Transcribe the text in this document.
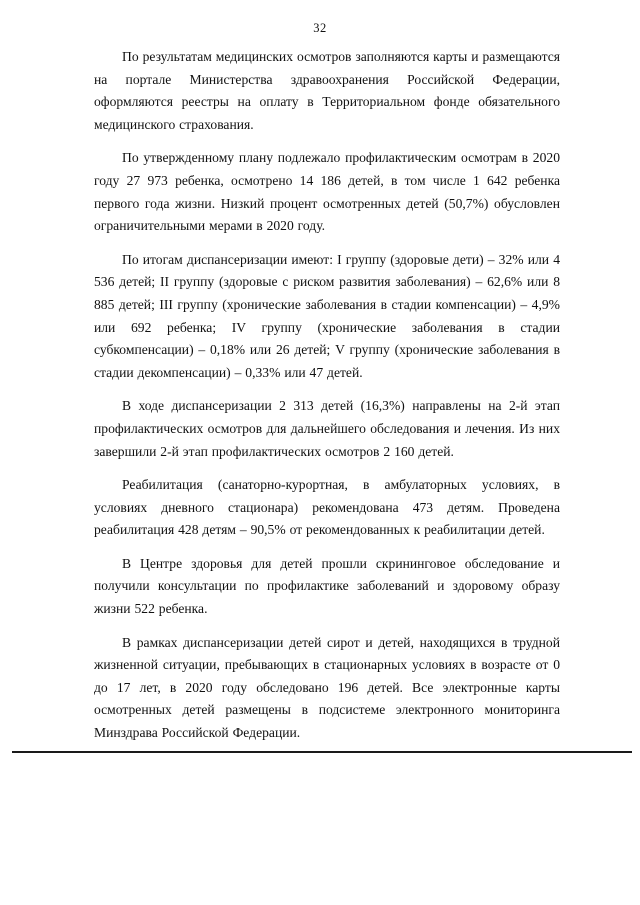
32

По результатам медицинских осмотров заполняются карты и размещаются на портале Министерства здравоохранения Российской Федерации, оформляются реестры на оплату в Территориальном фонде обязательного медицинского страхования.

По утвержденному плану подлежало профилактическим осмотрам в 2020 году 27 973 ребенка, осмотрено 14 186 детей, в том числе 1 642 ребенка первого года жизни. Низкий процент осмотренных детей (50,7%) обусловлен ограничительными мерами в 2020 году.

По итогам диспансеризации имеют: I группу (здоровые дети) – 32% или 4 536 детей; II группу (здоровые с риском развития заболевания) – 62,6% или 8 885 детей; III группу (хронические заболевания в стадии компенсации) – 4,9% или 692 ребенка; IV группу (хронические заболевания в стадии субкомпенсации) – 0,18% или 26 детей; V группу (хронические заболевания в стадии декомпенсации) – 0,33% или 47 детей.

В ходе диспансеризации 2 313 детей (16,3%) направлены на 2-й этап профилактических осмотров для дальнейшего обследования и лечения. Из них завершили 2-й этап профилактических осмотров 2 160 детей.

Реабилитация (санаторно-курортная, в амбулаторных условиях, в условиях дневного стационара) рекомендована 473 детям. Проведена реабилитация 428 детям – 90,5% от рекомендованных к реабилитации детей.

В Центре здоровья для детей прошли скрининговое обследование и получили консультации по профилактике заболеваний и здоровому образу жизни 522 ребенка.

В рамках диспансеризации детей сирот и детей, находящихся в трудной жизненной ситуации, пребывающих в стационарных условиях в возрасте от 0 до 17 лет, в 2020 году обследовано 196 детей. Все электронные карты осмотренных детей размещены в подсистеме электронного мониторинга Минздрава Российской Федерации.
